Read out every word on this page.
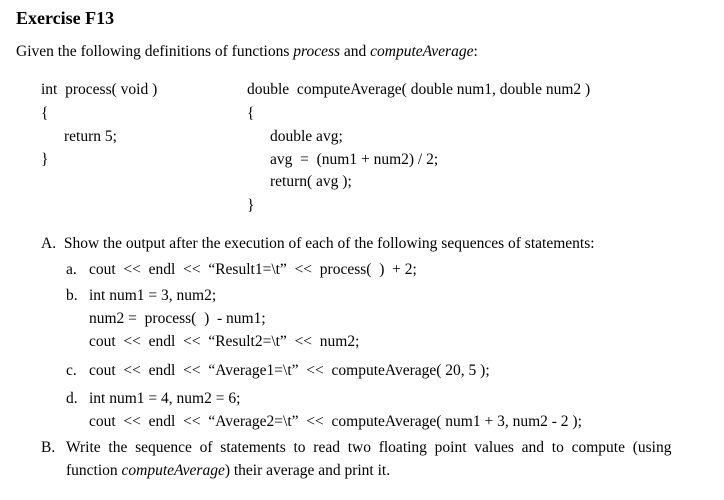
Exercise F13
Given the following definitions of functions process and computeAverage:
int  process( void )
{
return 5;
}
double  computeAverage( double num1, double num2 )
{
double avg;
avg  =  (num1 + num2) / 2;
return( avg );
}
A.  Show the output after the execution of each of the following sequences of statements:
a. cout  <<  endl  <<  “Result1=\t”  <<  process(  )  + 2;
b. int num1 = 3, num2;
num2 =  process(  )  - num1;
cout  <<  endl  <<  “Result2=\t”  <<  num2;
c. cout  <<  endl  <<  “Average1=\t”  <<  computeAverage( 20, 5 );
d. int num1 = 4, num2 = 6;
cout  <<  endl  <<  “Average2=\t”  <<  computeAverage( num1 + 3, num2 - 2 );
B. Write  the  sequence  of  statements  to  read  two  floating  point  values  and  to  compute  (using
function computeAverage) their average and print it.
